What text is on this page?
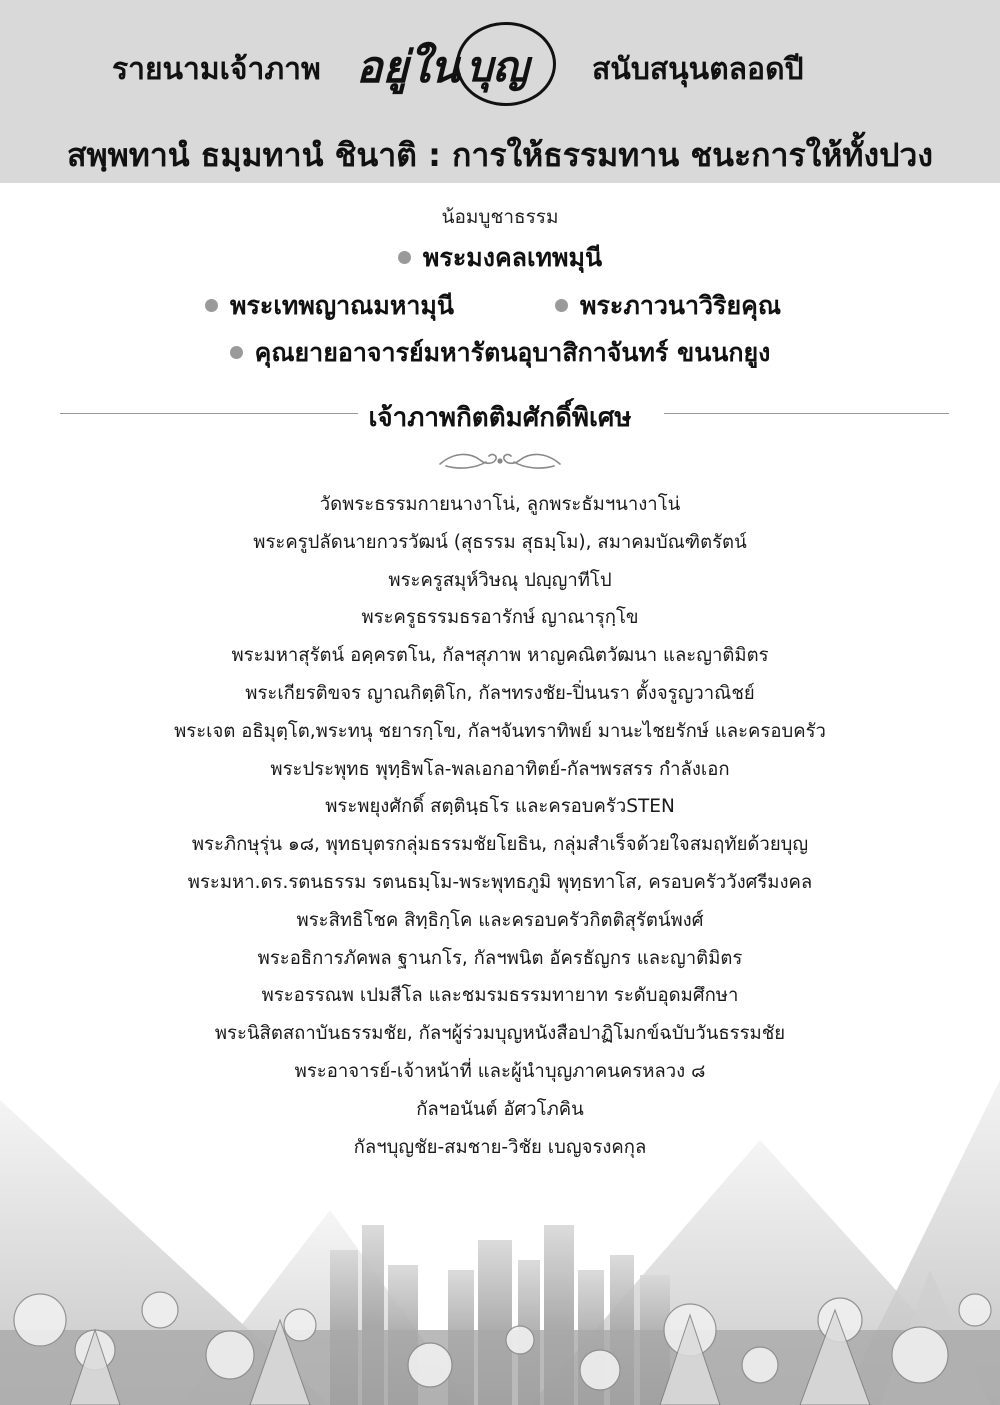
รายนามเจ้าภาพ อยู่ใน บุญ สนับสนุนตลอดปี
สพฺพทานํ ธมฺมทานํ ชินาติ : การให้ธรรมทาน ชนะการให้ทั้งปวง
น้อมบูชาธรรม
พระมงคลเทพมุนี
พระเทพญาณมหามุนี	พระภาวนาวิริยคุณ
คุณยายอาจารย์มหารัตนอุบาสิกาจันทร์ ขนนกยูง
เจ้าภาพกิตติมศักดิ์พิเศษ
วัดพระธรรมกายนางาโน่, ลูกพระธัมฯนางาโน่
พระครูปลัดนายกวรวัฒน์ (สุธรรม สุธมฺโม), สมาคมบัณฑิตรัตน์
พระครูสมุห์วิษณุ ปญฺญาทีโป
พระครูธรรมธรอารักษ์ ญาณารุกฺโข
พระมหาสุรัตน์ อคฺครตโน, กัลฯสุภาพ หาญคณิตวัฒนา และญาติมิตร
พระเกียรติขจร ญาณกิตฺติโก, กัลฯทรงชัย-ปิ่นนรา ตั้งจรูญวาณิชย์
พระเจต อธิมุตฺโต,พระทนุ ชยารกฺโข, กัลฯจันทราทิพย์ มานะไชยรักษ์ และครอบครัว
พระประพุทธ พุทฺธิพโล-พลเอกอาทิตย์-กัลฯพรสรร กำลังเอก
พระพยุงศักดิ์ สตฺตินฺธโร และครอบครัวSTEN
พระภิกษุรุ่น ๑๘, พุทธบุตรกลุ่มธรรมชัยโยธิน, กลุ่มสำเร็จด้วยใจสมฤทัยด้วยบุญ
พระมหา.ดร.รตนธรรม รตนธมฺโม-พระพุทธภูมิ พุทฺธทาโส, ครอบครัววังศรีมงคล
พระสิทธิโชค สิทฺธิกฺโค และครอบครัวกิตติสุรัตน์พงศ์
พระอธิการภัคพล ฐานกโร, กัลฯพนิต อัครธัญกร และญาติมิตร
พระอรรณพ เปมสีโล และชมรมธรรมทายาท ระดับอุดมศึกษา
พระนิสิตสถาบันธรรมชัย, กัลฯผู้ร่วมบุญหนังสือปาฏิโมกข์ฉบับวันธรรมชัย
พระอาจารย์-เจ้าหน้าที่ และผู้นำบุญภาคนครหลวง ๘
กัลฯอนันต์ อัศวโภคิน
กัลฯบุญชัย-สมชาย-วิชัย เบญจรงคกุล
